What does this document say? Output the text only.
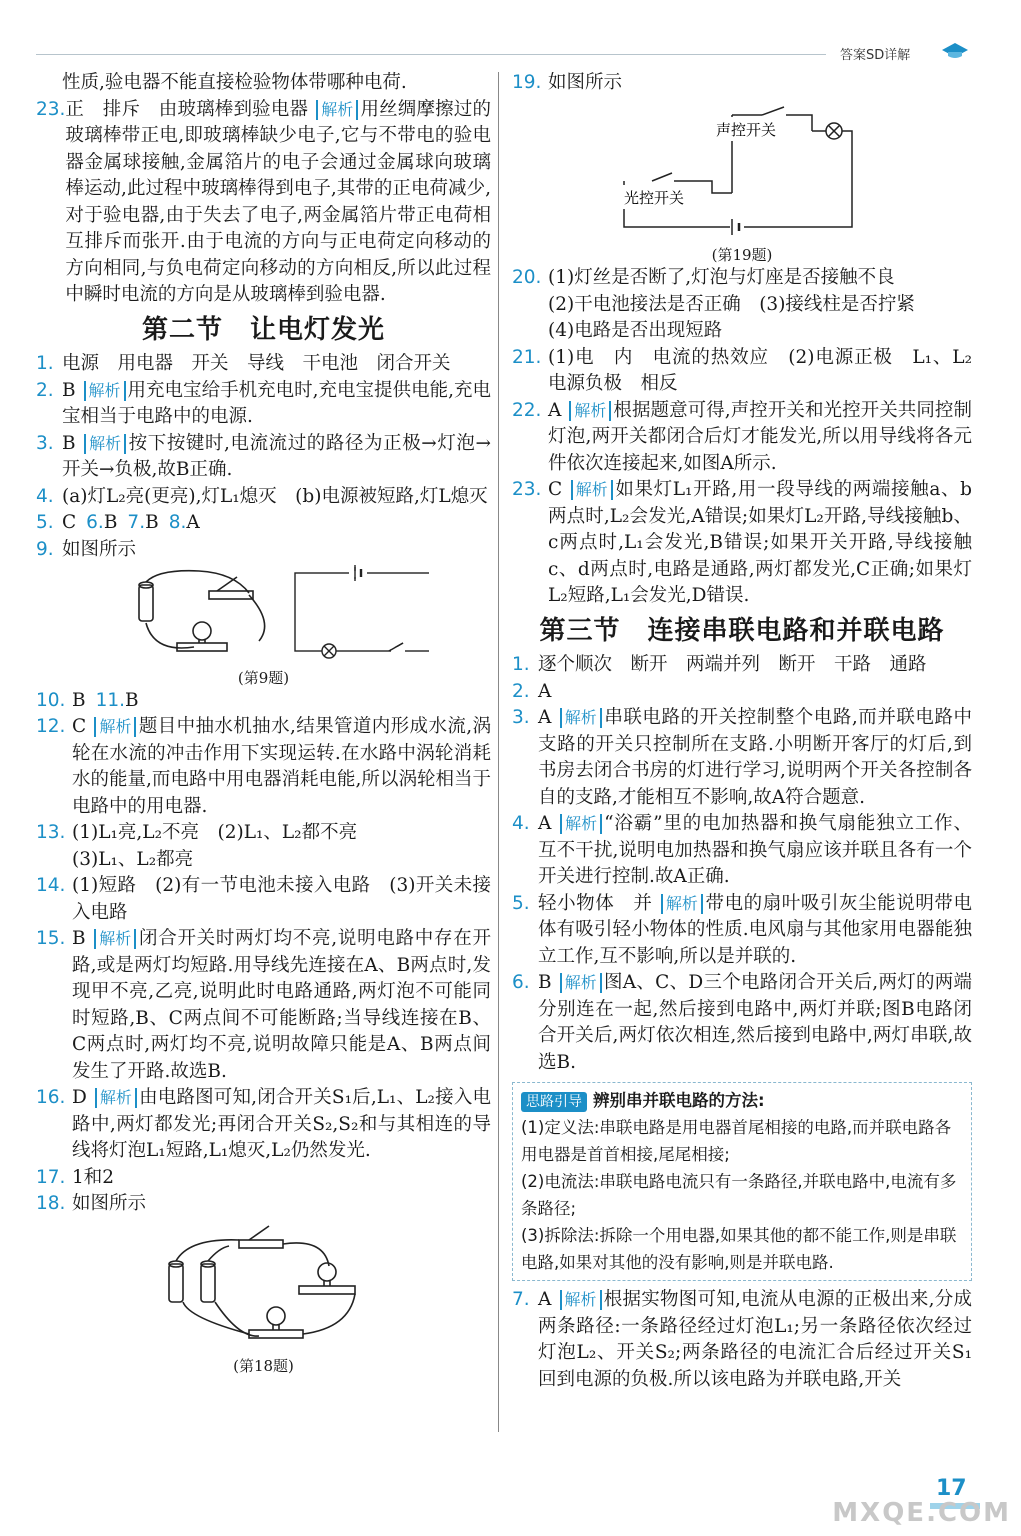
答案SD详解
性质,验电器不能直接检验物体带哪种电荷.
23. 正　排斥　由玻璃棒到验电器 解析 用丝绸摩擦过的玻璃棒带正电,即玻璃棒缺少电子,它与不带电的验电器金属球接触,金属箔片的电子会通过金属球向玻璃棒运动,此过程中玻璃棒得到电子,其带的正电荷减少,对于验电器,由于失去了电子,两金属箔片带正电荷相互排斥而张开.由于电流的方向与正电荷定向移动的方向相同,与负电荷定向移动的方向相反,所以此过程中瞬时电流的方向是从玻璃棒到验电器.
第二节　让电灯发光
1. 电源　用电器　开关　导线　干电池　闭合开关
2. B 解析 用充电宝给手机充电时,充电宝提供电能,充电宝相当于电路中的电源.
3. B 解析 按下按键时,电流流过的路径为正极→灯泡→开关→负极,故B正确.
4. (a)灯L₂亮(更亮),灯L₁熄灭　(b)电源被短路,灯L熄灭
5. C 6. B 7. B 8. A
9. 如图所示
(第9题)
10. B 11. B
12. C 解析 题目中抽水机抽水,结果管道内形成水流,涡轮在水流的冲击作用下实现运转.在水路中涡轮消耗水的能量,而电路中用电器消耗电能,所以涡轮相当于电路中的用电器.
13. (1)L₁亮,L₂不亮　(2)L₁、L₂都不亮
(3)L₁、L₂都亮
14. (1)短路　(2)有一节电池未接入电路　(3)开关未接入电路
15. B 解析 闭合开关时两灯均不亮,说明电路中存在开路,或是两灯均短路.用导线先连接在A、B两点时,发现甲不亮,乙亮,说明此时电路通路,两灯泡不可能同时短路,B、C两点间不可能断路;当导线连接在B、C两点时,两灯均不亮,说明故障只能是A、B两点间发生了开路.故选B.
16. D 解析 由电路图可知,闭合开关S₁后,L₁、L₂接入电路中,两灯都发光;再闭合开关S₂,S₂和与其相连的导线将灯泡L₁短路,L₁熄灭,L₂仍然发光.
17. 1和2
18. 如图所示
(第18题)
19. 如图所示
声控开关
光控开关
(第19题)
20. (1)灯丝是否断了,灯泡与灯座是否接触不良
(2)干电池接法是否正确　(3)接线柱是否拧紧
(4)电路是否出现短路
21. (1)电　内　电流的热效应　(2)电源正极　L₁、L₂　电源负极　相反
22. A 解析 根据题意可得,声控开关和光控开关共同控制灯泡,两开关都闭合后灯才能发光,所以用导线将各元件依次连接起来,如图A所示.
23. C 解析 如果灯L₁开路,用一段导线的两端接触a、b两点时,L₂会发光,A错误;如果灯L₂开路,导线接触b、c两点时,L₁会发光,B错误;如果开关开路,导线接触c、d两点时,电路是通路,两灯都发光,C正确;如果灯L₂短路,L₁会发光,D错误.
第三节　连接串联电路和并联电路
1. 逐个顺次　断开　两端并列　断开　干路　通路
2. A
3. A 解析 串联电路的开关控制整个电路,而并联电路中支路的开关只控制所在支路.小明断开客厅的灯后,到书房去闭合书房的灯进行学习,说明两个开关各控制各自的支路,才能相互不影响,故A符合题意.
4. A 解析 “浴霸”里的电加热器和换气扇能独立工作、互不干扰,说明电加热器和换气扇应该并联且各有一个开关进行控制.故A正确.
5. 轻小物体　并 解析 带电的扇叶吸引灰尘能说明带电体有吸引轻小物体的性质.电风扇与其他家用电器能独立工作,互不影响,所以是并联的.
6. B 解析 图A、C、D三个电路闭合开关后,两灯的两端分别连在一起,然后接到电路中,两灯并联;图B电路闭合开关后,两灯依次相连,然后接到电路中,两灯串联,故选B.
思路引导 辨别串并联电路的方法:
(1)定义法:串联电路是用电器首尾相接的电路,而并联电路各用电器是首首相接,尾尾相接;
(2)电流法:串联电路电流只有一条路径,并联电路中,电流有多条路径;
(3)拆除法:拆除一个用电器,如果其他的都不能工作,则是串联电路,如果对其他的没有影响,则是并联电路.
7. A 解析 根据实物图可知,电流从电源的正极出来,分成两条路径:一条路径经过灯泡L₁;另一条路径依次经过灯泡L₂、开关S₂;两条路径的电流汇合后经过开关S₁回到电源的负极.所以该电路为并联电路,开关
17
MXQE.COM
